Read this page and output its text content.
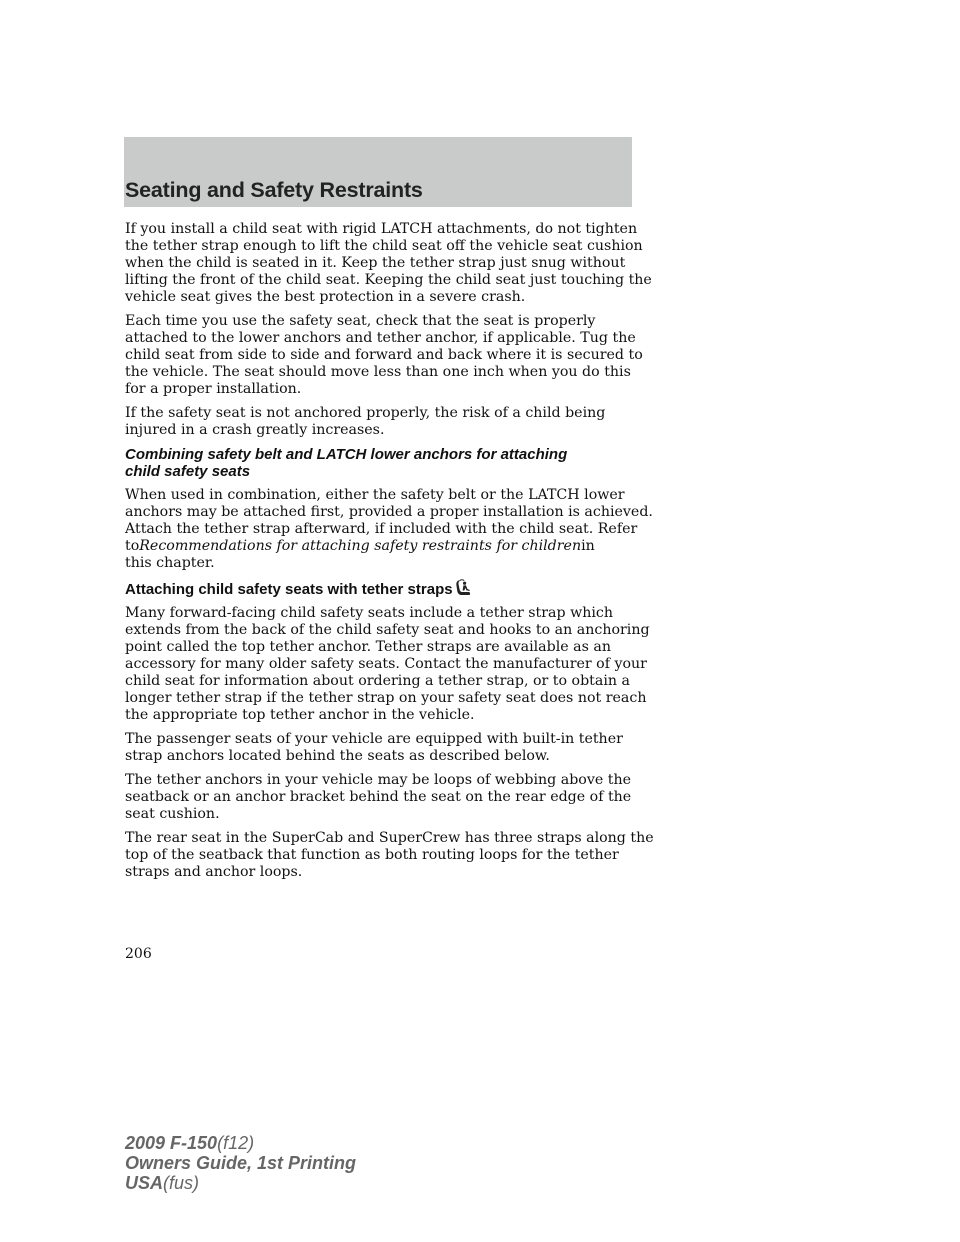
Seating and Safety Restraints

If you install a child seat with rigid LATCH attachments, do not tighten
the tether strap enough to lift the child seat off the vehicle seat cushion
when the child is seated in it. Keep the tether strap just snug without
lifting the front of the child seat. Keeping the child seat just touching the
vehicle seat gives the best protection in a severe crash.

Each time you use the safety seat, check that the seat is properly
attached to the lower anchors and tether anchor, if applicable. Tug the
child seat from side to side and forward and back where it is secured to
the vehicle. The seat should move less than one inch when you do this
for a proper installation.

If the safety seat is not anchored properly, the risk of a child being
injured in a crash greatly increases.

Combining safety belt and LATCH lower anchors for attaching
child safety seats

When used in combination, either the safety belt or the LATCH lower
anchors may be attached first, provided a proper installation is achieved.
Attach the tether strap afterward, if included with the child seat. Refer
toRecommendations for attaching safety restraints for childrenin
this chapter.

Attaching child safety seats with tether straps

Many forward-facing child safety seats include a tether strap which
extends from the back of the child safety seat and hooks to an anchoring
point called the top tether anchor. Tether straps are available as an
accessory for many older safety seats. Contact the manufacturer of your
child seat for information about ordering a tether strap, or to obtain a
longer tether strap if the tether strap on your safety seat does not reach
the appropriate top tether anchor in the vehicle.

The passenger seats of your vehicle are equipped with built-in tether
strap anchors located behind the seats as described below.

The tether anchors in your vehicle may be loops of webbing above the
seatback or an anchor bracket behind the seat on the rear edge of the
seat cushion.

The rear seat in the SuperCab and SuperCrew has three straps along the
top of the seatback that function as both routing loops for the tether
straps and anchor loops.

206
2009 F-150(f12)
Owners Guide, 1st Printing
USA(fus)
